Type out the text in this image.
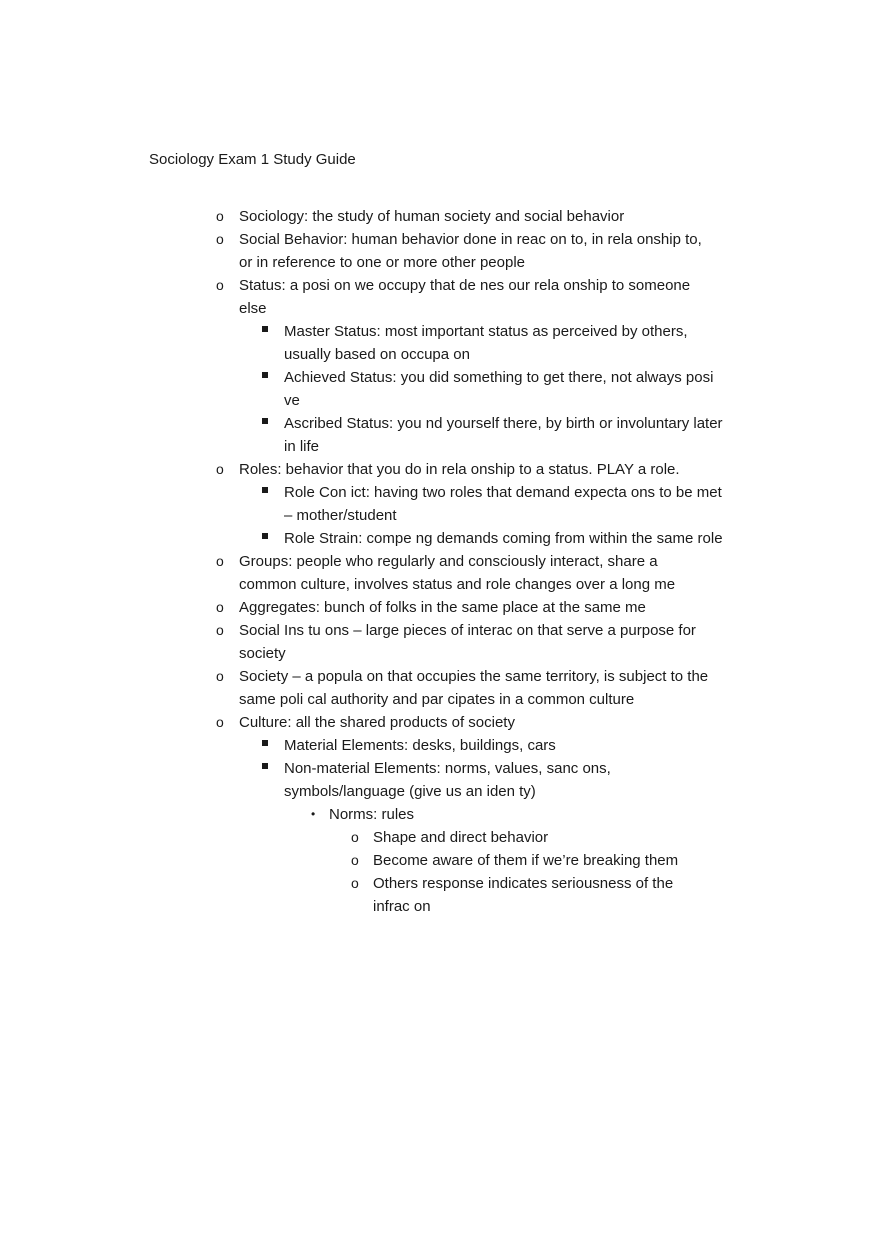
Sociology Exam 1 Study Guide
o Sociology: the study of human society and social behavior
o Social Behavior: human behavior done in reac on to, in rela onship to, or in reference to one or more other people
o Status: a posi on we occupy that de nes our rela onship to someone else
Master Status: most important status as perceived by others, usually based on occupa on
Achieved Status: you did something to get there, not always posi ve
Ascribed Status: you nd yourself there, by birth or involuntary later in life
o Roles: behavior that you do in rela onship to a status. PLAY a role.
Role Con ict: having two roles that demand expecta ons to be met – mother/student
Role Strain: compe ng demands coming from within the same role
o Groups: people who regularly and consciously interact, share a common culture, involves status and role changes over a long me
o Aggregates: bunch of folks in the same place at the same me
o Social Ins tu ons – large pieces of interac on that serve a purpose for society
o Society – a popula on that occupies the same territory, is subject to the same poli cal authority and par cipates in a common culture
o Culture: all the shared products of society
Material Elements: desks, buildings, cars
Non-material Elements: norms, values, sanc ons, symbols/language (give us an iden ty)
• Norms: rules
o Shape and direct behavior
o Become aware of them if we’re breaking them
o Others response indicates seriousness of the infrac on
